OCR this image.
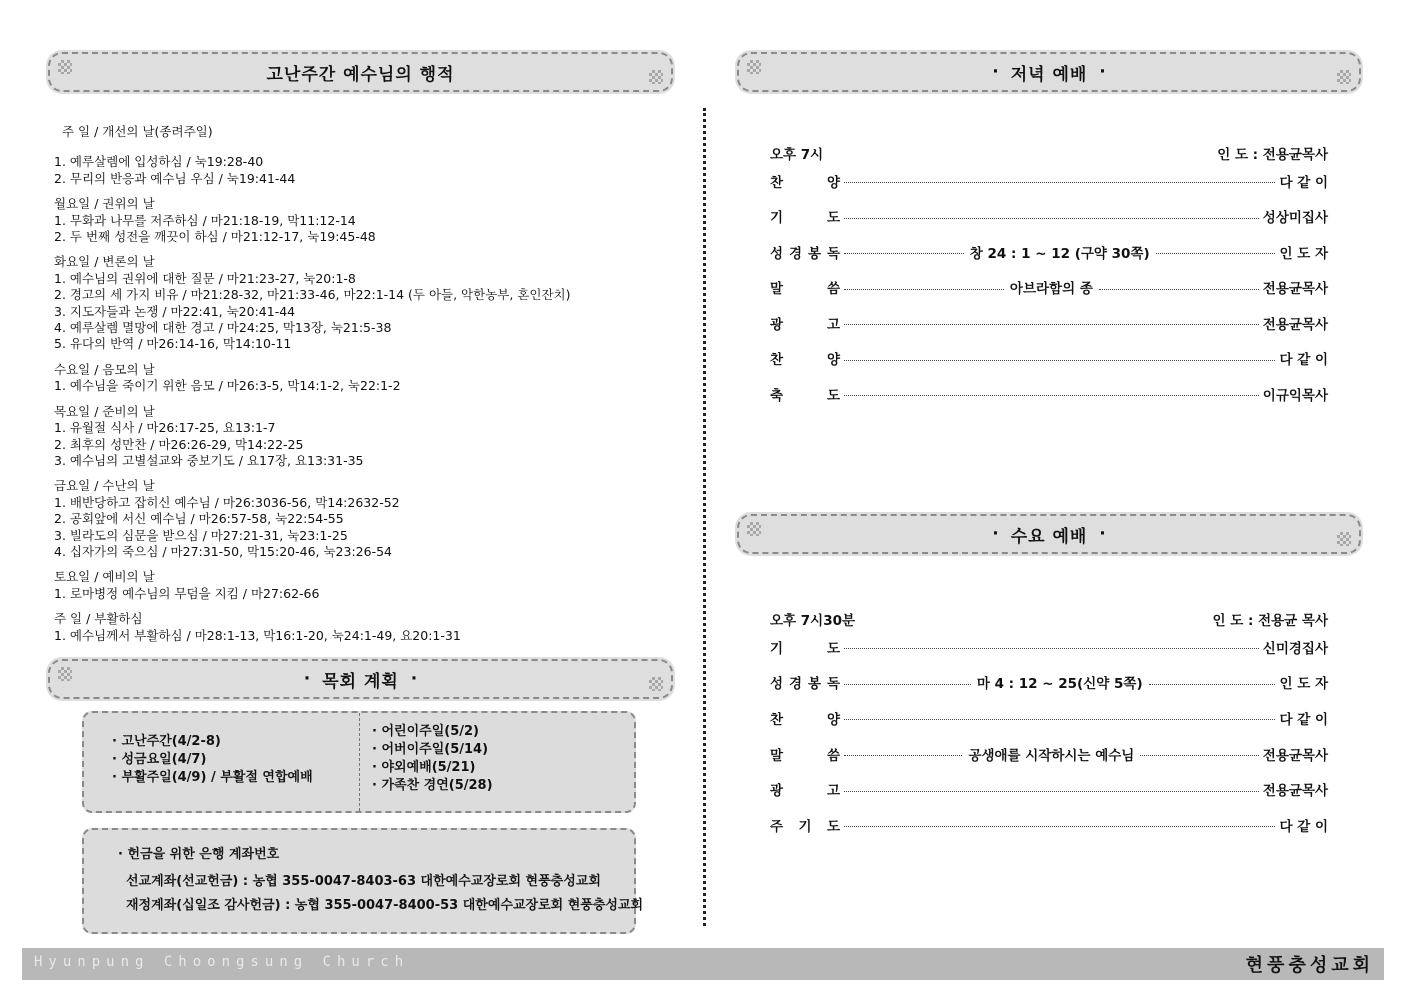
고난주간 예수님의 행적
주 일 / 개선의 날(종려주일)
1. 예루살렘에 입성하심 / 눅19:28-40
2. 무리의 반응과 예수님 우심 / 눅19:41-44
월요일 / 권위의 날
1. 무화과 나무를 저주하심 / 마21:18-19, 막11:12-14
2. 두 번째 성전을 깨끗이 하심 / 마21:12-17, 눅19:45-48
화요일 / 변론의 날
1. 예수님의 권위에 대한 질문 / 마21:23-27, 눅20:1-8
2. 경고의 세 가지 비유 / 마21:28-32, 마21:33-46, 마22:1-14 (두 아들, 악한농부, 혼인잔치)
3. 지도자들과 논쟁 / 마22:41, 눅20:41-44
4. 예루살렘 멸망에 대한 경고 / 마24:25, 막13장, 눅21:5-38
5. 유다의 반역 / 마26:14-16, 막14:10-11
수요일 / 음모의 날
1. 예수님을 죽이기 위한 음모 / 마26:3-5, 막14:1-2, 눅22:1-2
목요일 / 준비의 날
1. 유월절 식사 / 마26:17-25, 요13:1-7
2. 최후의 성만찬 / 마26:26-29, 막14:22-25
3. 예수님의 고별설교와 중보기도 / 요17장, 요13:31-35
금요일 / 수난의 날
1. 배반당하고 잡히신 예수님 / 마26:3036-56, 막14:2632-52
2. 공회앞에 서신 예수님 / 마26:57-58, 눅22:54-55
3. 빌라도의 심문을 받으심 / 마27:21-31, 눅23:1-25
4. 십자가의 죽으심 / 마27:31-50, 막15:20-46, 눅23:26-54
토요일 / 예비의 날
1. 로마병정 예수님의 무덤을 지킴 / 마27:62-66
주 일 / 부활하심
1. 예수님께서 부활하심 / 마28:1-13, 막16:1-20, 눅24:1-49, 요20:1-31
· 목회 계획 ·
· 고난주간(4/2-8)
· 성금요일(4/7)
· 부활주일(4/9) / 부활절 연합예배
· 어린이주일(5/2)
· 어버이주일(5/14)
· 야외예배(5/21)
· 가족찬 경연(5/28)
· 헌금을 위한 은행 계좌번호
선교계좌(선교헌금) : 농협 355-0047-8403-63 대한예수교장로회 현풍충성교회
재정계좌(십일조 감사헌금) : 농협 355-0047-8400-53 대한예수교장로회 현풍충성교회
· 저녁 예배 ·
오후 7시	인 도 : 전용균목사
찬	양	다 같 이
기	도	성상미집사
성 경 봉 독	창 24 : 1 ~ 12 (구약 30쪽)	인 도 자
말	씀	아브라함의 종	전용균목사
광	고	전용균목사
찬	양	다 같 이
축	도	이규익목사
· 수요 예배 ·
오후 7시30분	인 도 : 전용균 목사
기	도	신미경집사
성 경 봉 독	마 4 : 12 ~ 25(신약 5쪽)	인 도 자
찬	양	다 같 이
말	씀	공생애를 시작하시는 예수님	전용균목사
광	고	전용균목사
주 기 도	다 같 이
Hyunpung Choongsung Church	현풍충성교회
